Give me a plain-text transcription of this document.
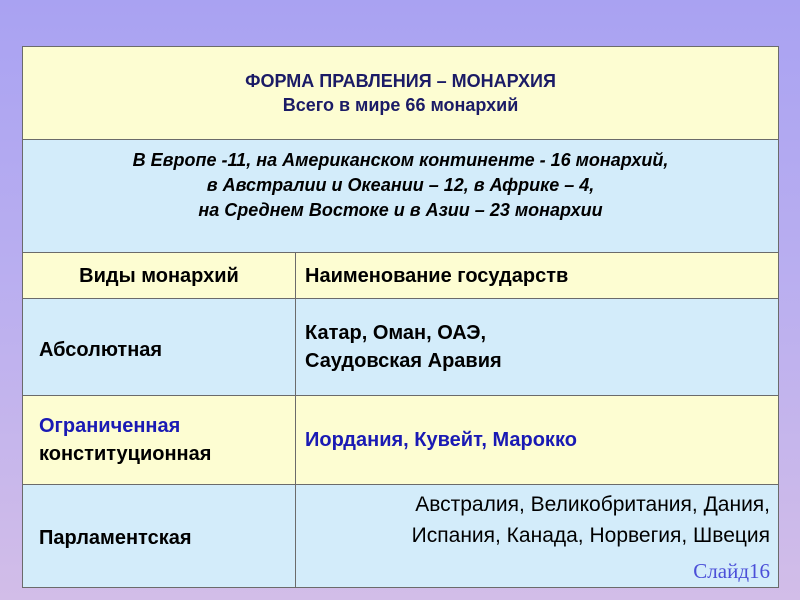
ФОРМА ПРАВЛЕНИЯ – МОНАРХИЯ
Всего в мире 66 монархий	

В Европе -11, на Американском континенте - 16 монархий,
в Австралии и Океании – 12, в Африке – 4,
на Среднем Востоке и в Азии – 23 монархии	

Виды монархий	Наименование государств

Абсолютная	Катар, Оман, ОАЭ,
Саудовская Аравия

Ограниченная
конституционная	Иордания, Кувейт, Марокко

Парламентская	Австралия, Великобритания, Дания,
Испания, Канада, Норвегия, Швеция
Слайд16
